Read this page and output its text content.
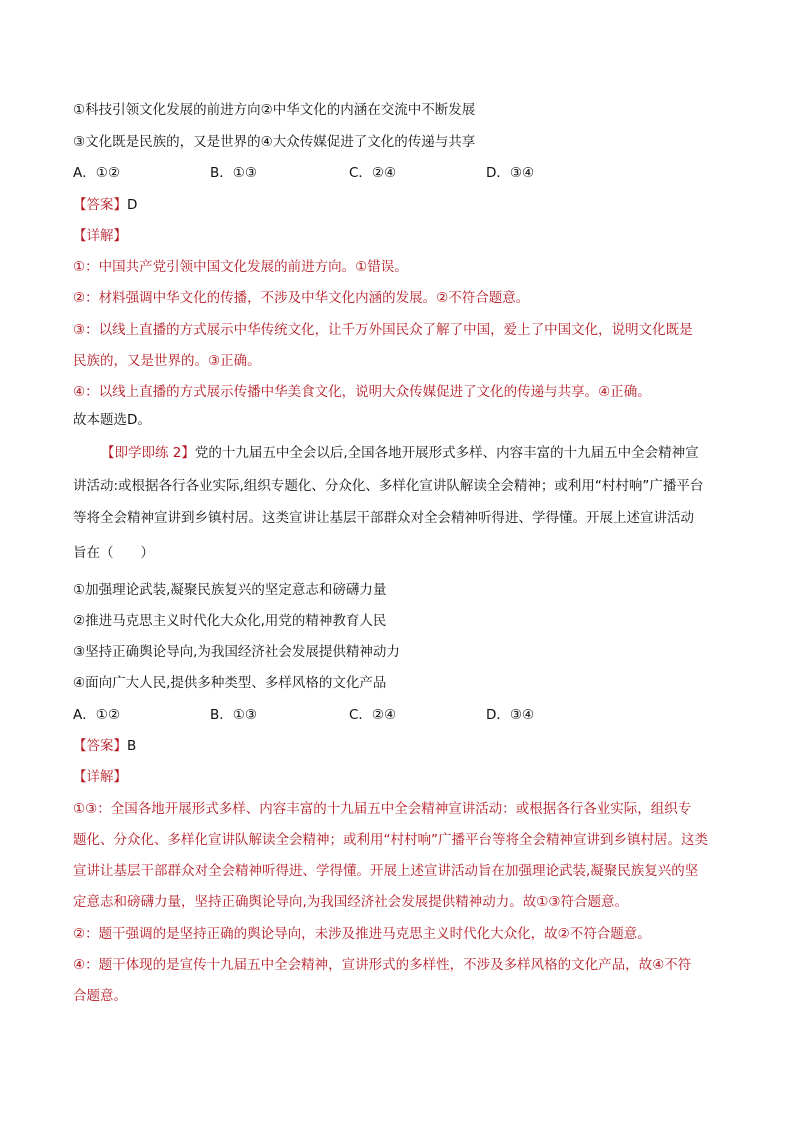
①科技引领文化发展的前进方向②中华文化的内涵在交流中不断发展
③文化既是民族的，又是世界的④大众传媒促进了文化的传递与共享
A．①②	B．①③	C．②④	D．③④
【答案】D
【详解】
①：中国共产党引领中国文化发展的前进方向。①错误。
②：材料强调中华文化的传播，不涉及中华文化内涵的发展。②不符合题意。
③：以线上直播的方式展示中华传统文化，让千万外国民众了解了中国，爱上了中国文化，说明文化既是
民族的，又是世界的。③正确。
④：以线上直播的方式展示传播中华美食文化，说明大众传媒促进了文化的传递与共享。④正确。
故本题选D。
【即学即练 2】党的十九届五中全会以后,全国各地开展形式多样、内容丰富的十九届五中全会精神宣
讲活动:或根据各行各业实际,组织专题化、分众化、多样化宣讲队解读全会精神；或利用“村村响”广播平台
等将全会精神宣讲到乡镇村居。这类宣讲让基层干部群众对全会精神听得进、学得懂。开展上述宣讲活动
旨在（　　）
①加强理论武装,凝聚民族复兴的坚定意志和磅礴力量
②推进马克思主义时代化大众化,用党的精神教育人民
③坚持正确舆论导向,为我国经济社会发展提供精神动力
④面向广大人民,提供多种类型、多样风格的文化产品
A．①②	B．①③	C．②④	D．③④
【答案】B
【详解】
①③：全国各地开展形式多样、内容丰富的十九届五中全会精神宣讲活动：或根据各行各业实际，组织专
题化、分众化、多样化宣讲队解读全会精神；或利用“村村响”广播平台等将全会精神宣讲到乡镇村居。这类
宣讲让基层干部群众对全会精神听得进、学得懂。开展上述宣讲活动旨在加强理论武装,凝聚民族复兴的坚
定意志和磅礴力量，坚持正确舆论导向,为我国经济社会发展提供精神动力。故①③符合题意。
②：题干强调的是坚持正确的舆论导向，未涉及推进马克思主义时代化大众化，故②不符合题意。
④：题干体现的是宣传十九届五中全会精神，宣讲形式的多样性，不涉及多样风格的文化产品，故④不符
合题意。
